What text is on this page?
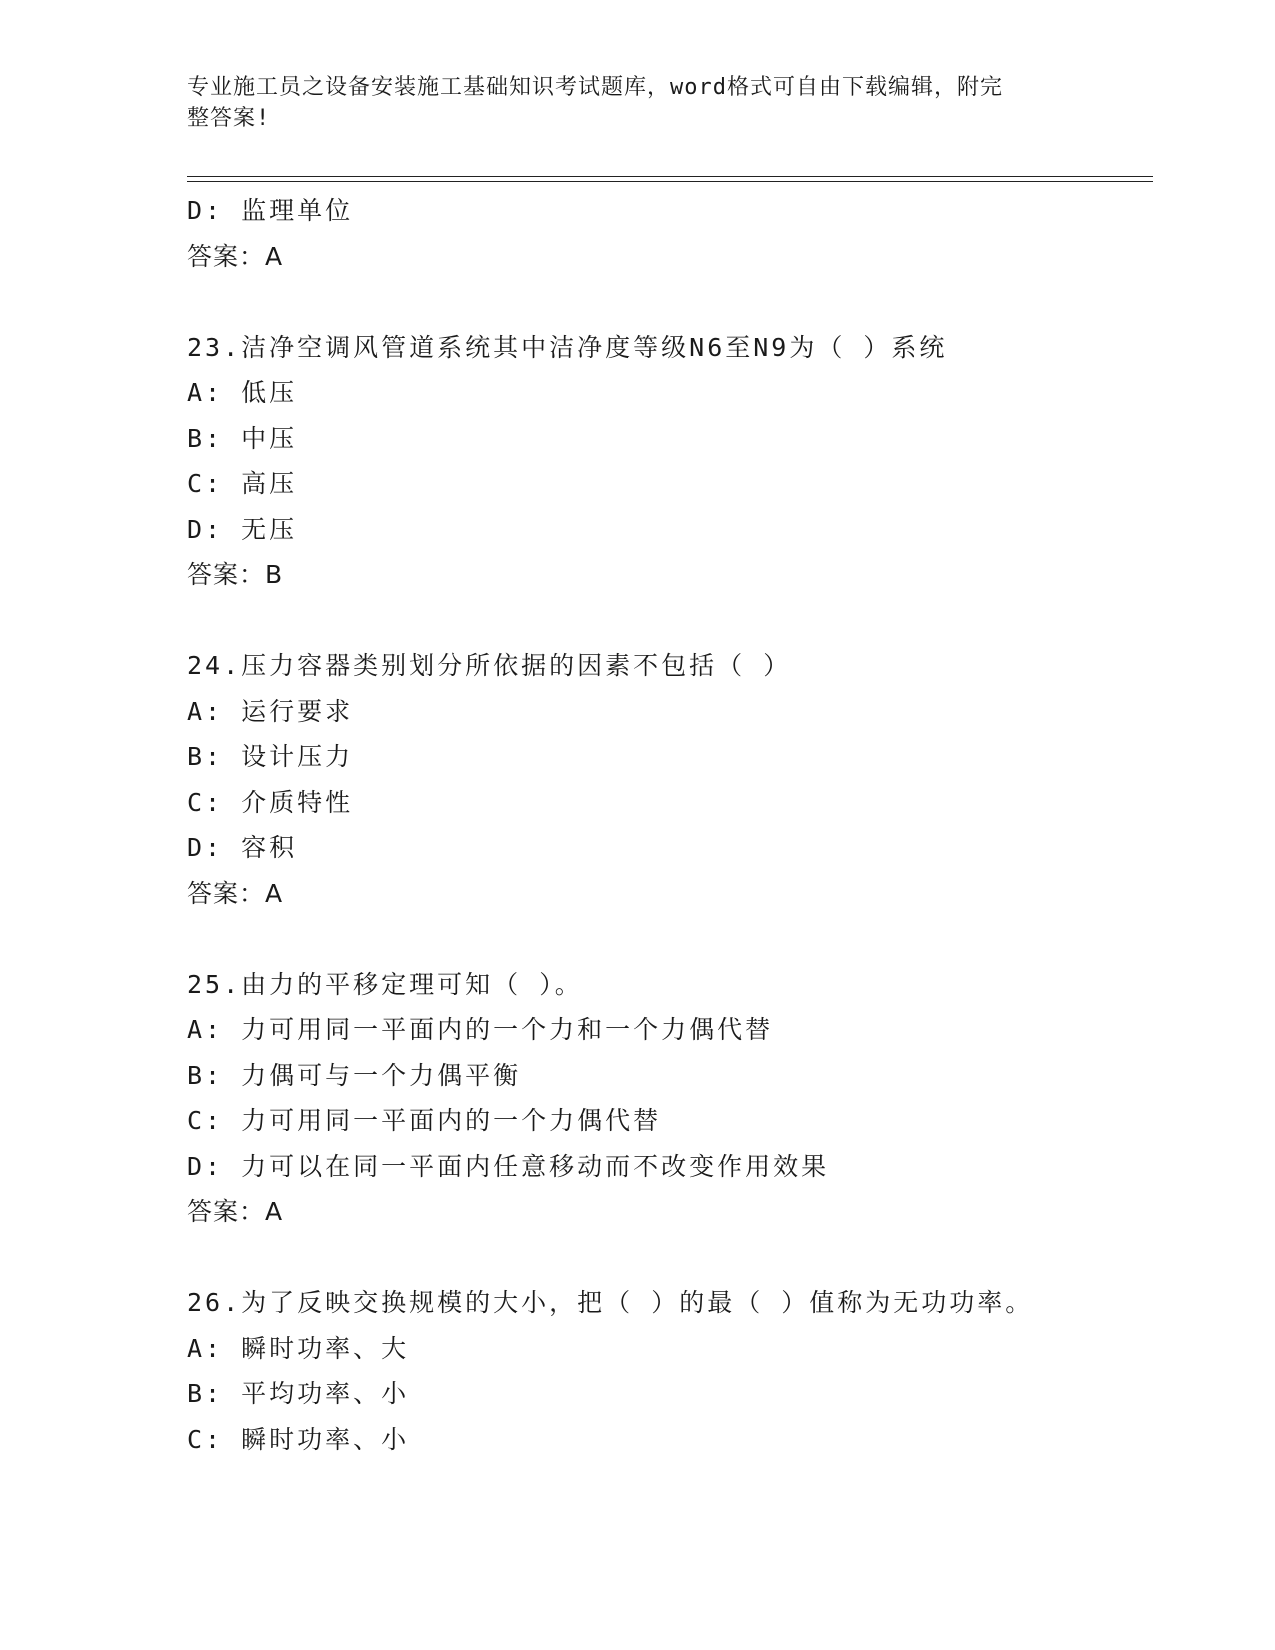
专业施工员之设备安装施工基础知识考试题库，word格式可自由下载编辑，附完
整答案!
D: 监理单位
答案：A
23.洁净空调风管道系统其中洁净度等级N6至N9为（ ）系统
A: 低压
B: 中压
C: 高压
D: 无压
答案：B
24.压力容器类别划分所依据的因素不包括（ ）
A: 运行要求
B: 设计压力
C: 介质特性
D: 容积
答案：A
25.由力的平移定理可知（ ）。
A: 力可用同一平面内的一个力和一个力偶代替
B: 力偶可与一个力偶平衡
C: 力可用同一平面内的一个力偶代替
D: 力可以在同一平面内任意移动而不改变作用效果
答案：A
26.为了反映交换规模的大小，把（ ）的最（ ）值称为无功功率。
A: 瞬时功率、大
B: 平均功率、小
C: 瞬时功率、小
